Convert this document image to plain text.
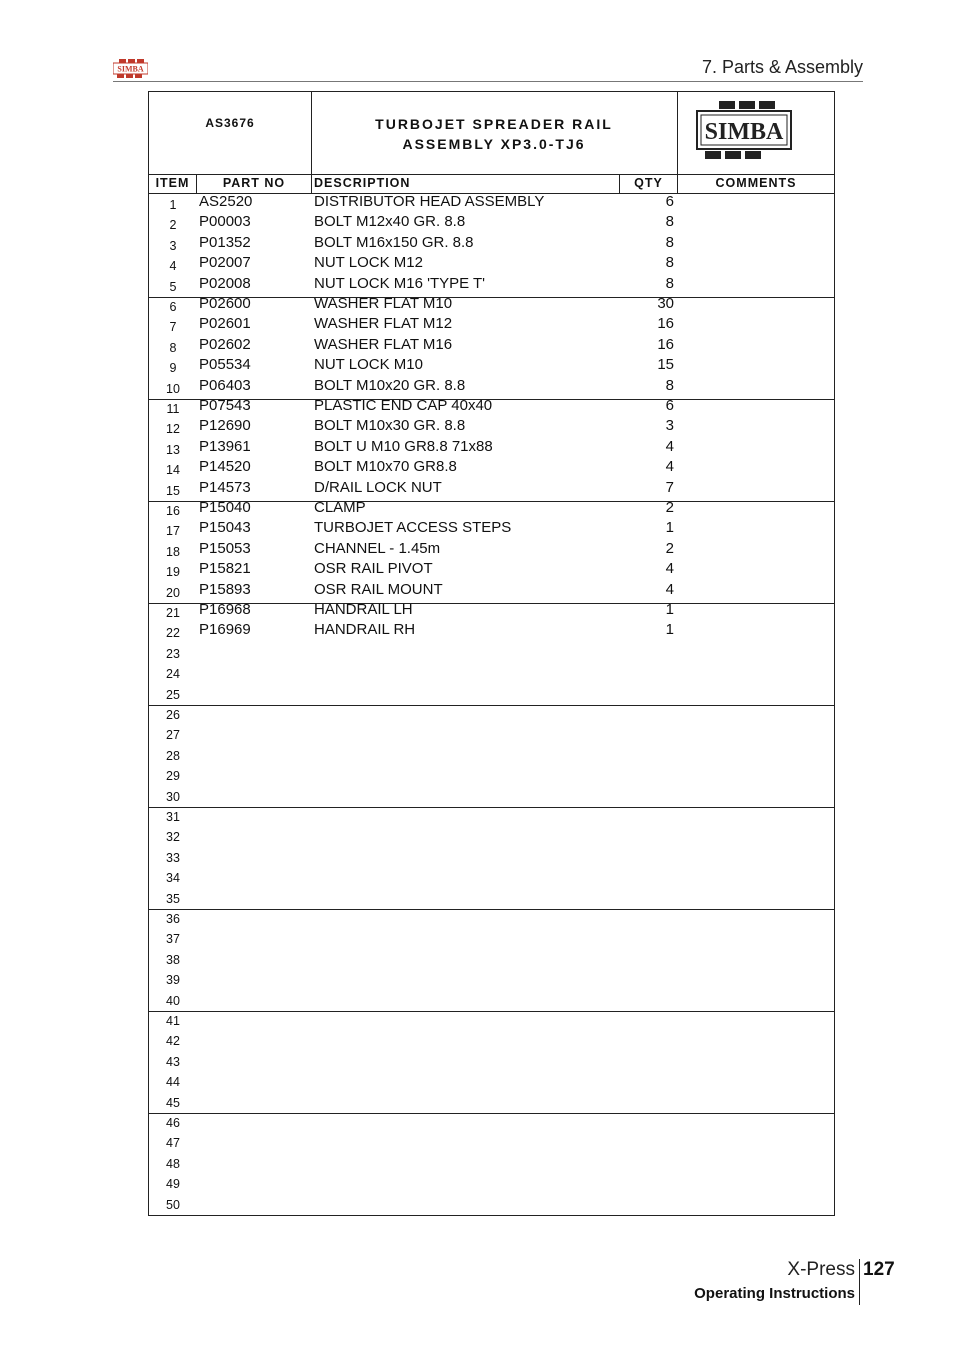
SIMBA	7. Parts & Assembly
AS3676	TURBOJET SPREADER RAIL
ASSEMBLY XP3.0-TJ6	SIMBA
ITEM	PART NO	DESCRIPTION	QTY	COMMENTS
1	AS2520	DISTRIBUTOR HEAD ASSEMBLY	6
2	P00003	BOLT M12x40 GR. 8.8	8
3	P01352	BOLT M16x150 GR. 8.8	8
4	P02007	NUT LOCK M12	8
5	P02008	NUT LOCK M16 'TYPE T'	8
6	P02600	WASHER FLAT M10	30
7	P02601	WASHER FLAT M12	16
8	P02602	WASHER FLAT M16	16
9	P05534	NUT LOCK M10	15
10	P06403	BOLT M10x20 GR. 8.8	8
11	P07543	PLASTIC END CAP 40x40	6
12	P12690	BOLT M10x30 GR. 8.8	3
13	P13961	BOLT U M10 GR8.8 71x88	4
14	P14520	BOLT M10x70 GR8.8	4
15	P14573	D/RAIL LOCK NUT	7
16	P15040	CLAMP	2
17	P15043	TURBOJET ACCESS STEPS	1
18	P15053	CHANNEL - 1.45m	2
19	P15821	OSR RAIL PIVOT	4
20	P15893	OSR RAIL MOUNT	4
21	P16968	HANDRAIL LH	1
22	P16969	HANDRAIL RH	1
23
24
25
26
27
28
29
30
31
32
33
34
35
36
37
38
39
40
41
42
43
44
45
46
47
48
49
50
X-Press 127
Operating Instructions
